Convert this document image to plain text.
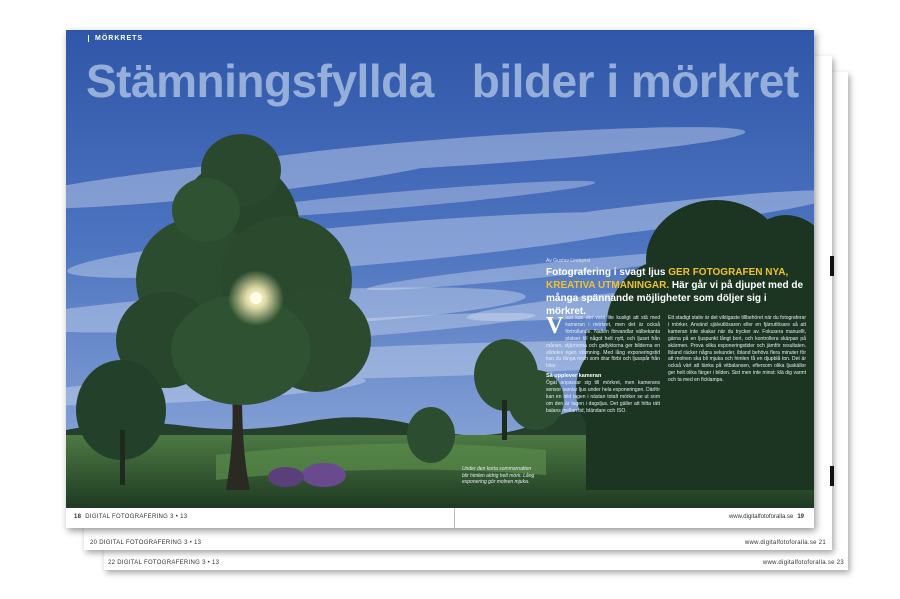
22 DIGITAL FOTOGRAFERING 3 • 13	www.digitalfotoforalla.se 23
20 DIGITAL FOTOGRAFERING 3 • 13	www.digitalfotoforalla.se 21
MÖRKRETS
Stämningsfyllda bilder i mörkret
Av Gustav Lindqvist
Fotografering i svagt ljus GER FOTOGRAFEN NYA, KREATIVA UTMANINGAR. Här går vi på djupet med de många spännande möjligheter som döljer sig i mörkret.
Visst kan det vara lite kusligt att stå med kameran i mörkret, men det är också förtrollande. Natten förvandlar välbekanta platser till något helt nytt, och ljuset från månen, stjärnorna och gatlyktorna ger bilderna en alldeles egen stämning. Med lång exponeringstid kan du fånga moln som drar förbi och ljusspår från bilar.
Så upplever kameran
Ögat anpassar sig till mörkret, men kamerans sensor samlar ljus under hela exponeringen. Därför kan en bild tagen i nästan totalt mörker se ut som om den är tagen i dagsljus. Det gäller att hitta rätt balans mellan tid, bländare och ISO.
Ett stadigt stativ är det viktigaste tillbehöret när du fotograferar i mörker. Använd självutlösaren eller en fjärrutlösare så att kameran inte skakar när du trycker av. Fokusera manuellt, gärna på en ljuspunkt långt bort, och kontrollera skärpan på skärmen. Prova olika exponeringstider och jämför resultaten. Ibland räcker några sekunder, ibland behövs flera minuter för att molnen ska bli mjuka och himlen få en djupblå ton. Det är också värt att tänka på vitbalansen, eftersom olika ljuskällor ger helt olika färger i bilden. Sist men inte minst: klä dig varmt och ta med en ficklampa.
Under den korta sommarnatten blir himlen aldrig helt mörk. Lång exponering gör molnen mjuka.
18 DIGITAL FOTOGRAFERING 3 • 13	www.digitalfotoforalla.se 19
